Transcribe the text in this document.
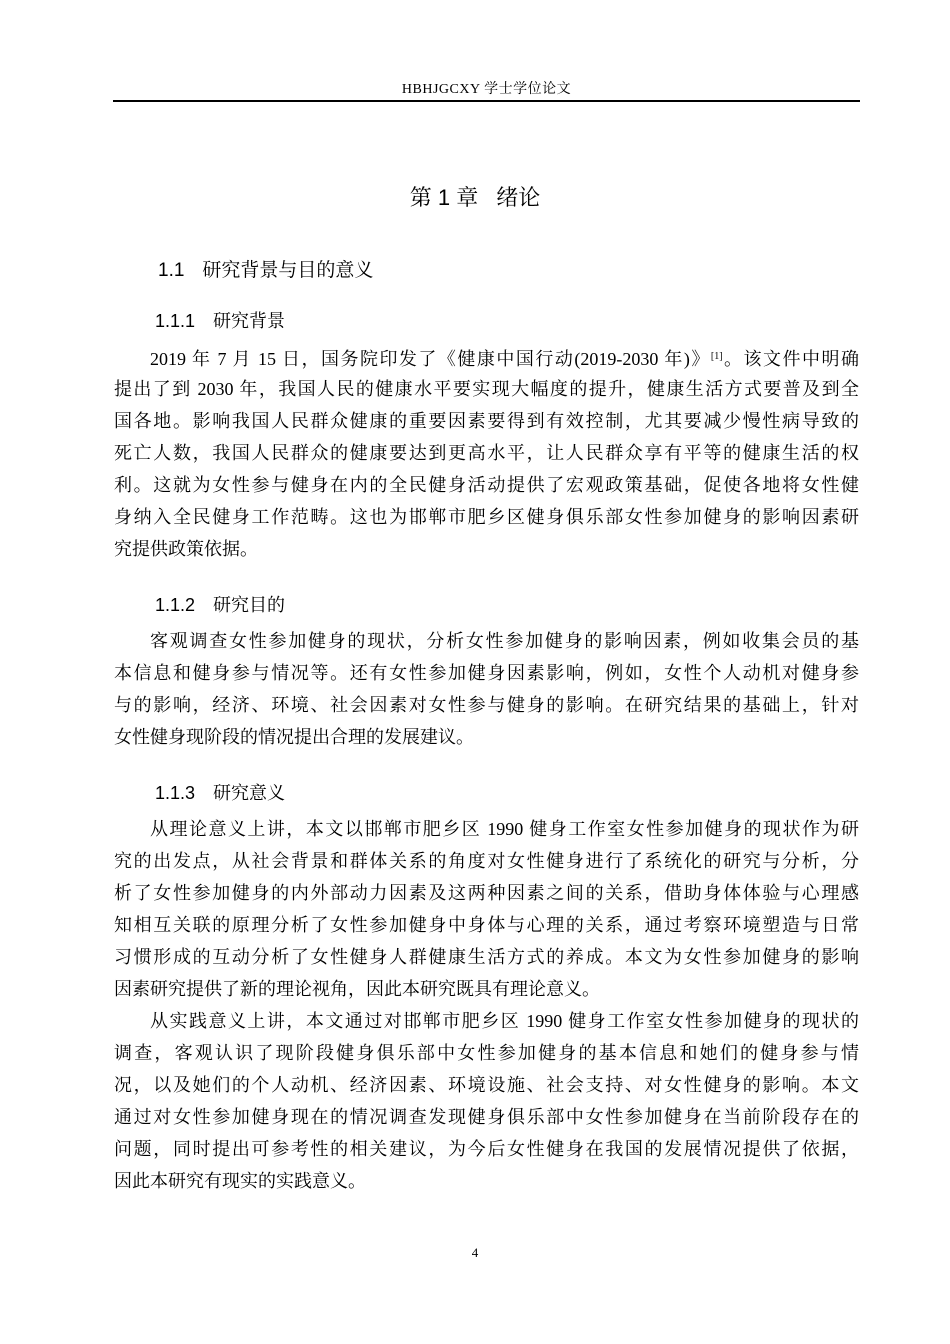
HBHJGCXY 学士学位论文
第 1 章 绪论
1.1 研究背景与目的意义
1.1.1 研究背景
2019 年 7 月 15 日，国务院印发了《健康中国行动(2019-2030 年)》[1]。该文件中明确
提出了到 2030 年，我国人民的健康水平要实现大幅度的提升，健康生活方式要普及到全
国各地。影响我国人民群众健康的重要因素要得到有效控制，尤其要减少慢性病导致的
死亡人数，我国人民群众的健康要达到更高水平，让人民群众享有平等的健康生活的权
利。这就为女性参与健身在内的全民健身活动提供了宏观政策基础，促使各地将女性健
身纳入全民健身工作范畴。这也为邯郸市肥乡区健身俱乐部女性参加健身的影响因素研
究提供政策依据。
1.1.2 研究目的
客观调查女性参加健身的现状，分析女性参加健身的影响因素，例如收集会员的基
本信息和健身参与情况等。还有女性参加健身因素影响，例如，女性个人动机对健身参
与的影响，经济、环境、社会因素对女性参与健身的影响。在研究结果的基础上，针对
女性健身现阶段的情况提出合理的发展建议。
1.1.3 研究意义
从理论意义上讲，本文以邯郸市肥乡区 1990 健身工作室女性参加健身的现状作为研
究的出发点，从社会背景和群体关系的角度对女性健身进行了系统化的研究与分析，分
析了女性参加健身的内外部动力因素及这两种因素之间的关系，借助身体体验与心理感
知相互关联的原理分析了女性参加健身中身体与心理的关系，通过考察环境塑造与日常
习惯形成的互动分析了女性健身人群健康生活方式的养成。本文为女性参加健身的影响
因素研究提供了新的理论视角，因此本研究既具有理论意义。
从实践意义上讲，本文通过对邯郸市肥乡区 1990 健身工作室女性参加健身的现状的
调查，客观认识了现阶段健身俱乐部中女性参加健身的基本信息和她们的健身参与情
况，以及她们的个人动机、经济因素、环境设施、社会支持、对女性健身的影响。本文
通过对女性参加健身现在的情况调查发现健身俱乐部中女性参加健身在当前阶段存在的
问题，同时提出可参考性的相关建议，为今后女性健身在我国的发展情况提供了依据，
因此本研究有现实的实践意义。
4
